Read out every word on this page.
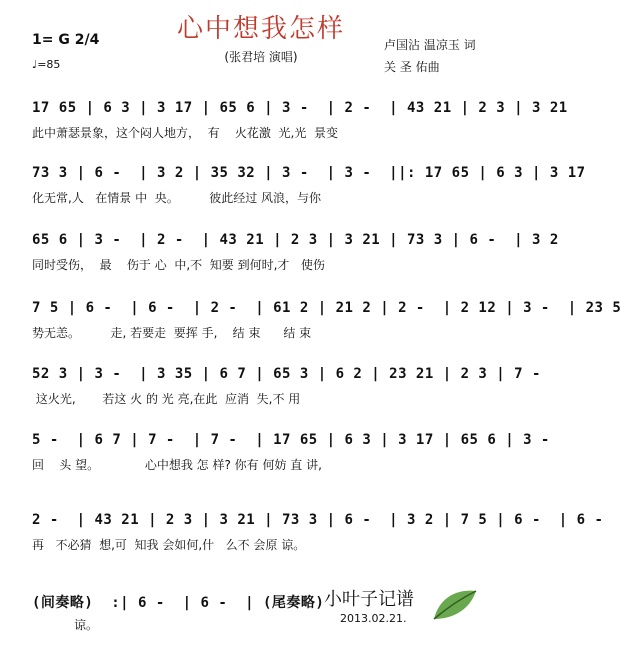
心中想我怎样
(张君培 演唱)
1= G 2/4
♩=85
卢国沾 温凉玉 词
关 圣 佑曲
17 65 | 6 3 | 3 17 | 65 6 | 3 -  | 2 -  | 43 21 | 2 3 | 3 21
此中萧瑟景象，这个闷人地方，  有    火花激  光,光  景变
73 3 | 6 -  | 3 2 | 35 32 | 3 -  | 3 -  ||: 17 65 | 6 3 | 3 17
化无常,人   在情景 中  央。        彼此经过 风浪，与你
65 6 | 3 -  | 2 -  | 43 21 | 2 3 | 3 21 | 73 3 | 6 -  | 3 2
同时受伤，  最    伤于 心  中,不  知要 到何时,才   使伤
7 5 | 6 -  | 6 -  | 2 -  | 61 2 | 21 2 | 2 -  | 2 12 | 3 -  | 23 5
势无恙。        走, 若要走  要挥 手,    结 束      结 束
52 3 | 3 -  | 3 35 | 6 7 | 65 3 | 6 2 | 23 21 | 2 3 | 7 -
这火光,       若这 火 的 光 亮,在此  应消  失,不 用
5 -  | 6 7 | 7 -  | 7 -  | 17 65 | 6 3 | 3 17 | 65 6 | 3 -
回    头 望。            心中想我 怎 样? 你有 何妨 直 讲,
2 -  | 43 21 | 2 3 | 3 21 | 73 3 | 6 -  | 3 2 | 7 5 | 6 -  | 6 -
再   不必猜  想,可  知我 会如何,什   么不 会原 谅。
(间奏略)  :| 6 -  | 6 -  | (尾奏略)
谅。
小叶子记谱
2013.02.21.
